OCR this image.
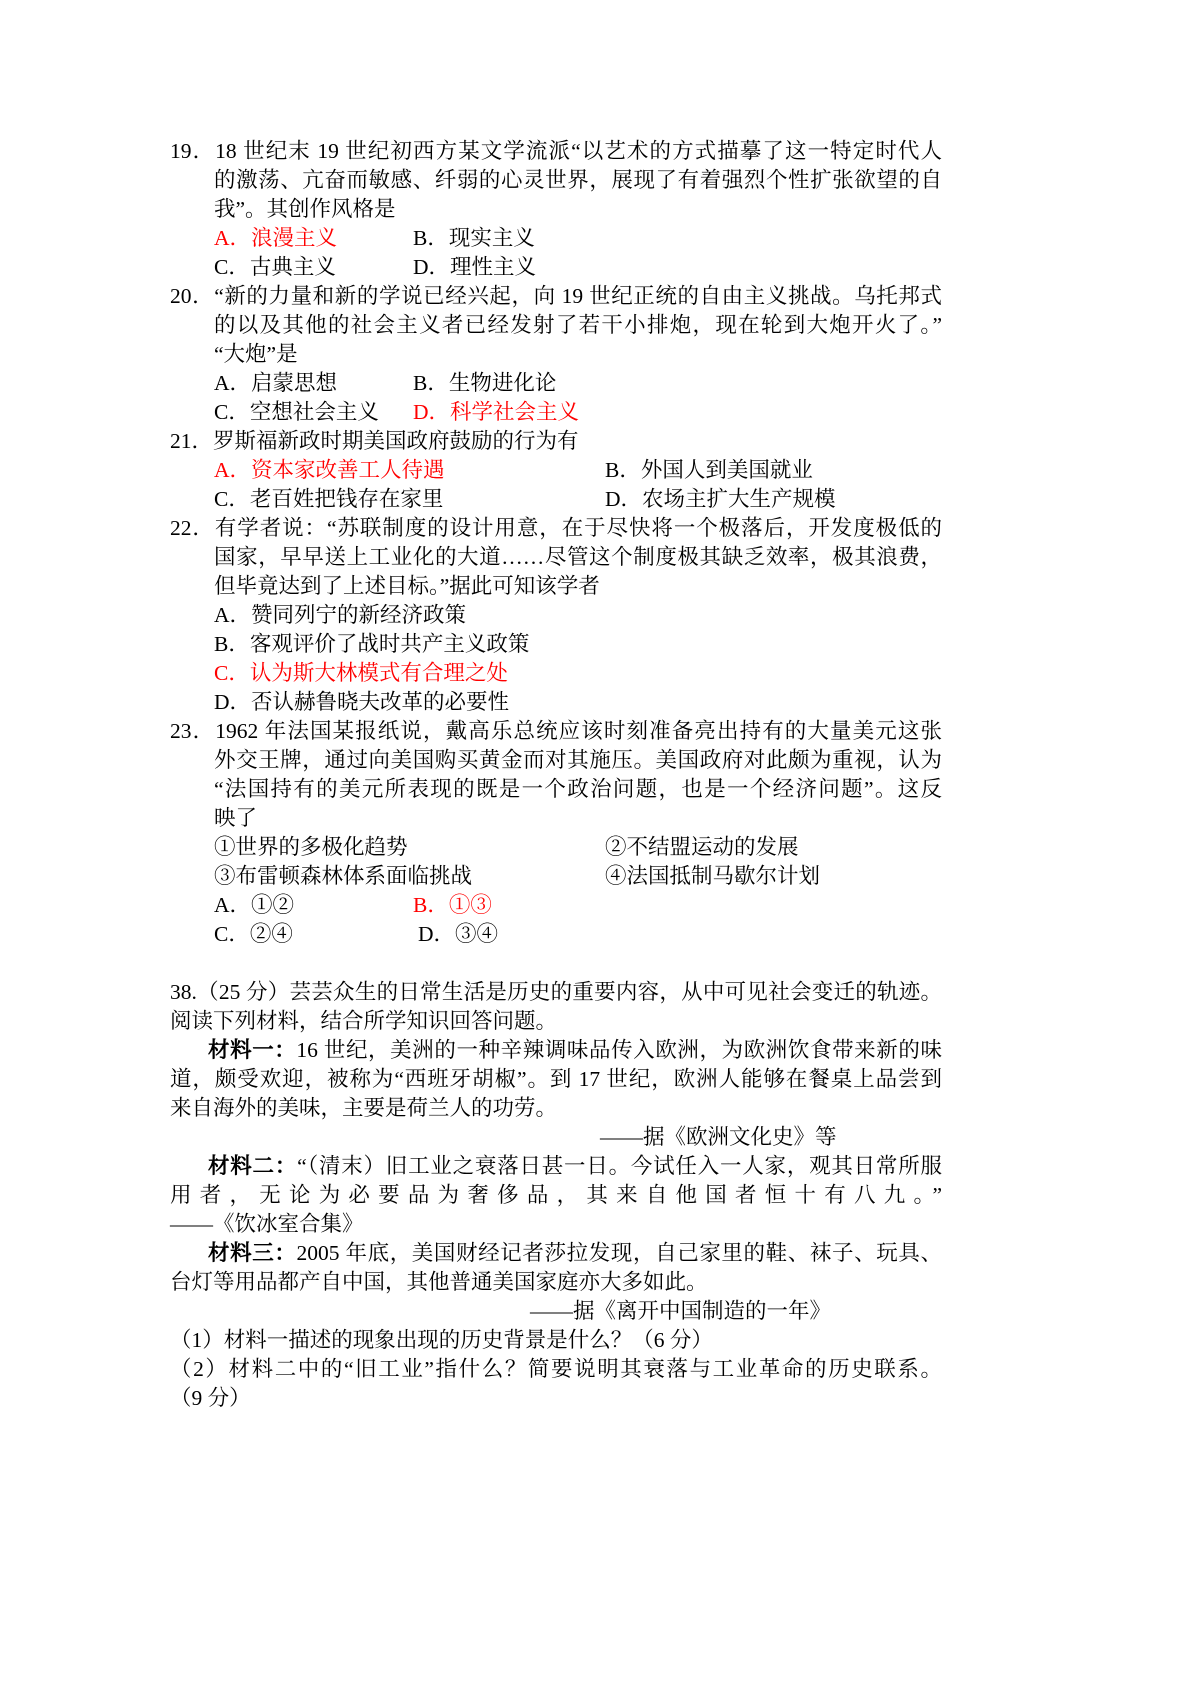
19．18 世纪末 19 世纪初西方某文学流派“以艺术的方式描摹了这一特定时代人
的激荡、亢奋而敏感、纤弱的心灵世界，展现了有着强烈个性扩张欲望的自
我”。其创作风格是
A．浪漫主义	B．现实主义
C．古典主义	D．理性主义
20．“新的力量和新的学说已经兴起，向 19 世纪正统的自由主义挑战。乌托邦式
的以及其他的社会主义者已经发射了若干小排炮，现在轮到大炮开火了。”
“大炮”是
A．启蒙思想	B．生物进化论
C．空想社会主义 D．科学社会主义
21．罗斯福新政时期美国政府鼓励的行为有
A．资本家改善工人待遇	B．外国人到美国就业
C．老百姓把钱存在家里	D．农场主扩大生产规模
22．有学者说：“苏联制度的设计用意，在于尽快将一个极落后，开发度极低的
国家，早早送上工业化的大道……尽管这个制度极其缺乏效率，极其浪费，
但毕竟达到了上述目标。”据此可知该学者
A．赞同列宁的新经济政策
B．客观评价了战时共产主义政策
C．认为斯大林模式有合理之处
D．否认赫鲁晓夫改革的必要性
23．1962 年法国某报纸说，戴高乐总统应该时刻准备亮出持有的大量美元这张
外交王牌，通过向美国购买黄金而对其施压。美国政府对此颇为重视，认为
“法国持有的美元所表现的既是一个政治问题，也是一个经济问题”。这反
映了
①世界的多极化趋势	②不结盟运动的发展
③布雷顿森林体系面临挑战	④法国抵制马歇尔计划
A．①②	B．①③
C．②④	D．③④
38.（25 分）芸芸众生的日常生活是历史的重要内容，从中可见社会变迁的轨迹。
阅读下列材料，结合所学知识回答问题。
材料一：16 世纪，美洲的一种辛辣调味品传入欧洲，为欧洲饮食带来新的味
道，颇受欢迎，被称为“西班牙胡椒”。到 17 世纪，欧洲人能够在餐桌上品尝到
来自海外的美味，主要是荷兰人的功劳。
——据《欧洲文化史》等
材料二：“（清末）旧工业之衰落日甚一日。今试任入一人家，观其日常所服
用者，无论为必要品为奢侈品，其来自他国者恒十有八九。”
——《饮冰室合集》
材料三：2005 年底，美国财经记者莎拉发现，自己家里的鞋、袜子、玩具、
台灯等用品都产自中国，其他普通美国家庭亦大多如此。
——据《离开中国制造的一年》
（1）材料一描述的现象出现的历史背景是什么？（6 分）
（2）材料二中的“旧工业”指什么？简要说明其衰落与工业革命的历史联系。
（9 分）
